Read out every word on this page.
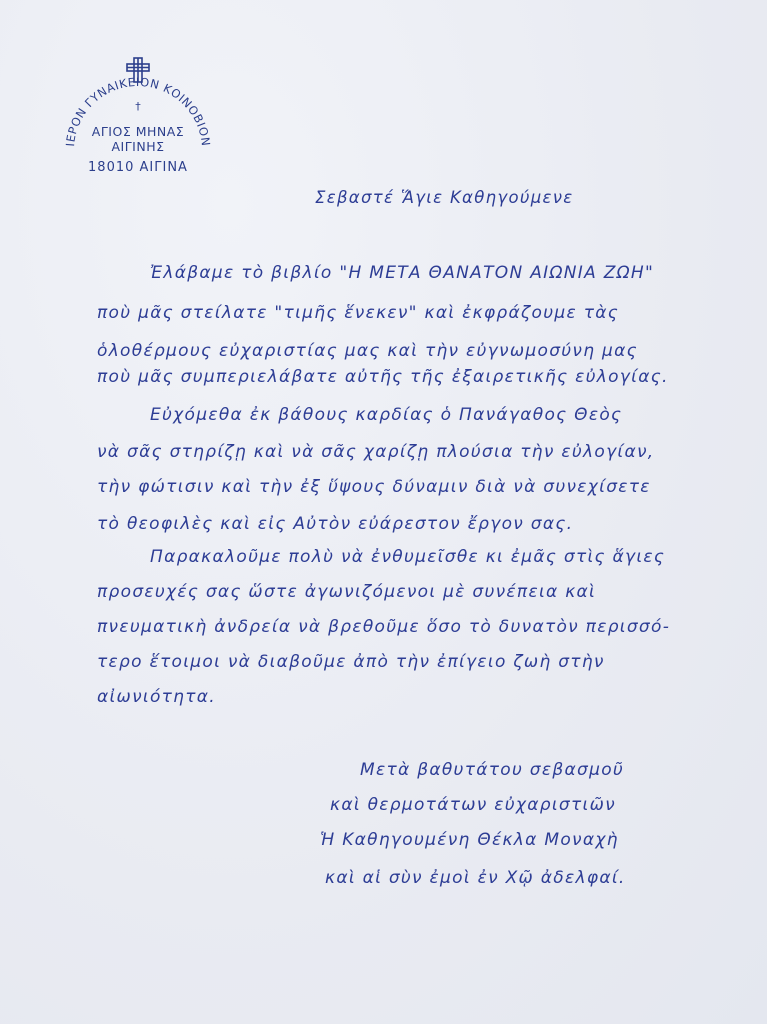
ΙΕΡΟΝ ΓΥΝΑΙΚΕΙΟΝ ΚΟΙΝΟΒΙΟΝ
†
ΑΓΙΟΣ ΜΗΝΑΣ
ΑΙΓΙΝΗΣ
18010 ΑΙΓΙΝΑ
Σεβαστέ Ἅγιε Καθηγούμενε
Ἐλάβαμε τὸ βιβλίο "Η ΜΕΤΑ ΘΑΝΑΤΟΝ ΑΙΩΝΙΑ ΖΩΗ"
ποὺ μᾶς στείλατε "τιμῆς ἕνεκεν" καὶ ἐκφράζουμε τὰς
ὁλοθέρμους εὐχαριστίας μας καὶ τὴν εὐγνωμοσύνη μας
ποὺ μᾶς συμπεριελάβατε αὐτῆς τῆς ἐξαιρετικῆς εὐλογίας.
Εὐχόμεθα ἐκ βάθους καρδίας ὁ Πανάγαθος Θεὸς
νὰ σᾶς στηρίζῃ καὶ νὰ σᾶς χαρίζῃ πλούσια τὴν εὐλογίαν,
τὴν φώτισιν καὶ τὴν ἐξ ὕψους δύναμιν διὰ νὰ συνεχίσετε
τὸ θεοφιλὲς καὶ εἰς Αὐτὸν εὐάρεστον ἔργον σας.
Παρακαλοῦμε πολὺ νὰ ἐνθυμεῖσθε κι ἐμᾶς στὶς ἅγιες
προσευχές σας ὥστε ἀγωνιζόμενοι μὲ συνέπεια καὶ
πνευματικὴ ἀνδρεία νὰ βρεθοῦμε ὅσο τὸ δυνατὸν περισσό-
τερο ἕτοιμοι νὰ διαβοῦμε ἀπὸ τὴν ἐπίγειο ζωὴ στὴν
αἰωνιότητα.
Μετὰ βαθυτάτου σεβασμοῦ
καὶ θερμοτάτων εὐχαριστιῶν
Ἡ Καθηγουμένη Θέκλα Μοναχὴ
καὶ αἱ σὺν ἐμοὶ ἐν Χῷ ἀδελφαί.
